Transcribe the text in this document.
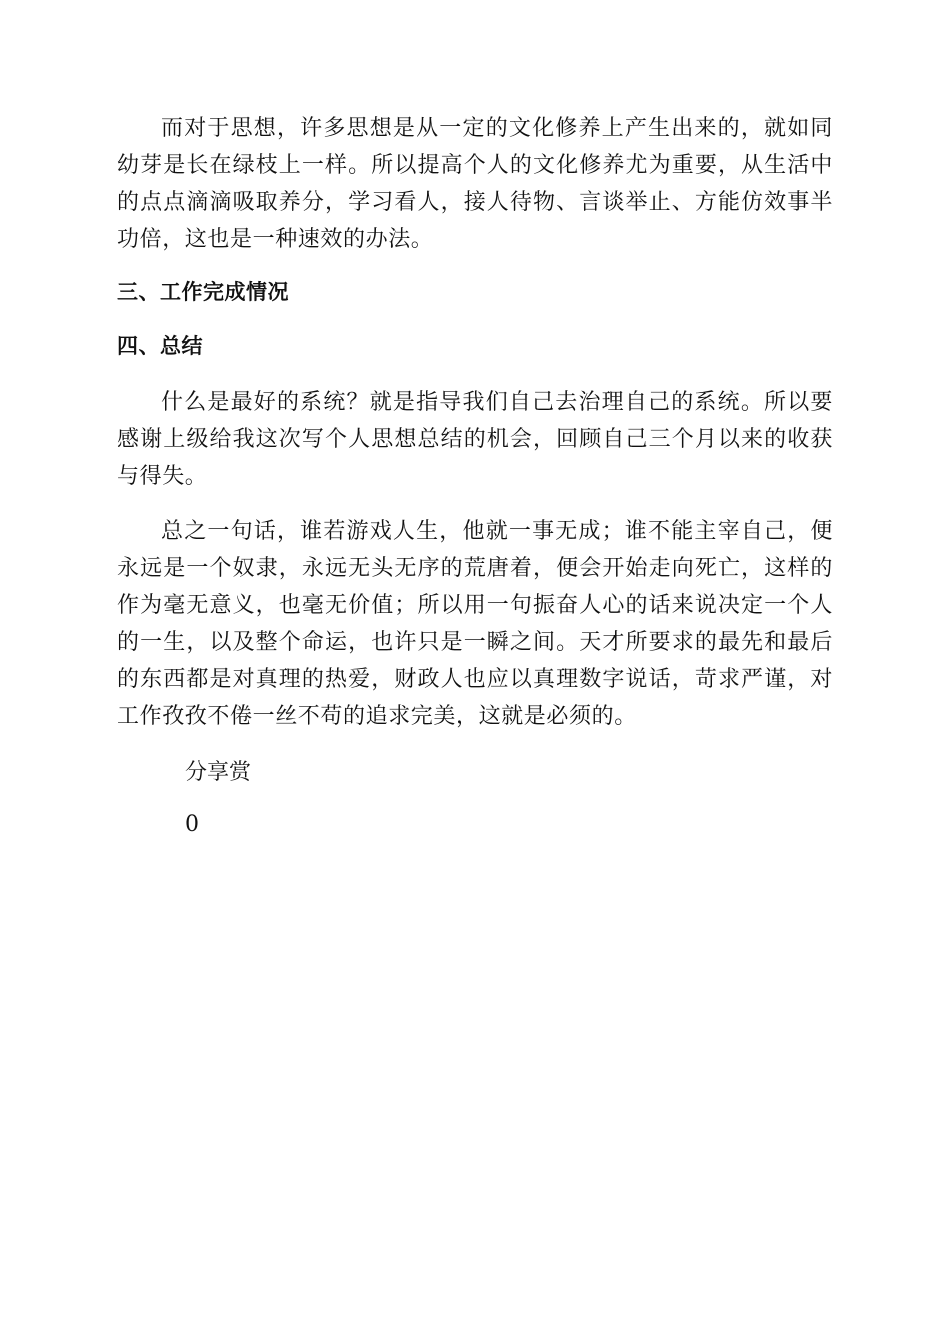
而对于思想，许多思想是从一定的文化修养上产生出来的，就如同幼芽是长在绿枝上一样。所以提高个人的文化修养尤为重要，从生活中的点点滴滴吸取养分，学习看人，接人待物、言谈举止、方能仿效事半功倍，这也是一种速效的办法。

三、工作完成情况
四、总结

什么是最好的系统？就是指导我们自己去治理自己的系统。所以要感谢上级给我这次写个人思想总结的机会，回顾自己三个月以来的收获与得失。

总之一句话，谁若游戏人生，他就一事无成；谁不能主宰自己，便永远是一个奴隶，永远无头无序的荒唐着，便会开始走向死亡，这样的作为毫无意义，也毫无价值；所以用一句振奋人心的话来说决定一个人的一生，以及整个命运，也许只是一瞬之间。天才所要求的最先和最后的东西都是对真理的热爱，财政人也应以真理数字说话，苛求严谨，对工作孜孜不倦一丝不苟的追求完美，这就是必须的。

分享赏
0
